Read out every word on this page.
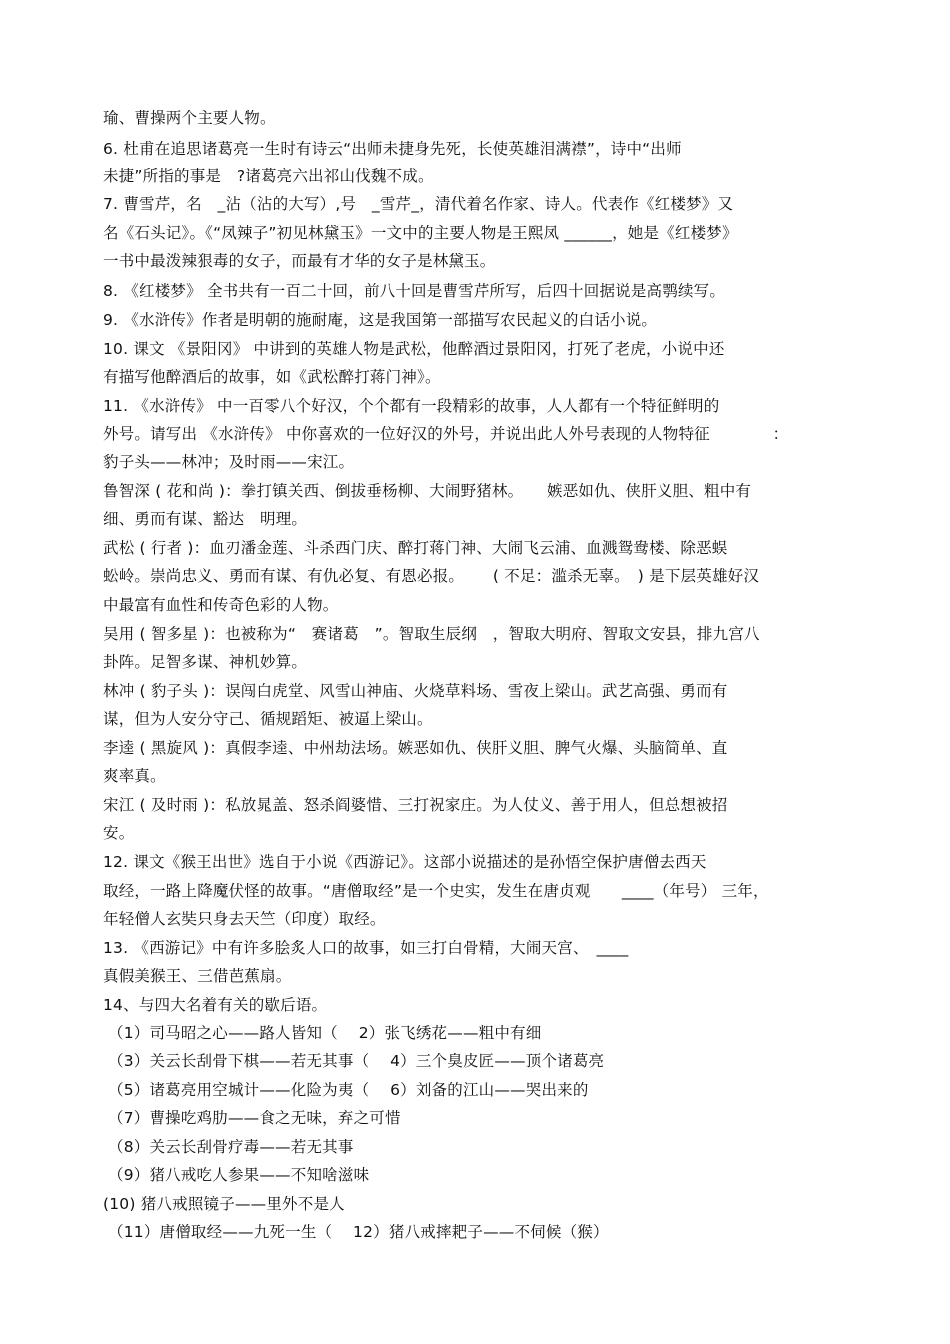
瑜、曹操两个主要人物。
6. 杜甫在追思诸葛亮一生时有诗云“出师未捷身先死，长使英雄泪满襟”，诗中“出师
未捷”所指的事是　?诸葛亮六出祁山伐魏不成。
7. 曹雪芹，名　_沾（沾的大写）,号　_雪芹_，清代着名作家、诗人。代表作《红楼梦》又
名《石头记》。《“凤辣子”初见林黛玉》一文中的主要人物是王熙凤 ______，她是《红楼梦》
一书中最泼辣狠毒的女子，而最有才华的女子是林黛玉。
8. 《红楼梦》 全书共有一百二十回，前八十回是曹雪芹所写，后四十回据说是高鹗续写。
9. 《水浒传》作者是明朝的施耐庵，这是我国第一部描写农民起义的白话小说。
10. 课文 《景阳冈》 中讲到的英雄人物是武松，他醉酒过景阳冈，打死了老虎，小说中还
有描写他醉酒后的故事，如《武松醉打蒋门神》。
11. 《水浒传》 中一百零八个好汉，个个都有一段精彩的故事，人人都有一个特征鲜明的
外号。请写出 《水浒传》 中你喜欢的一位好汉的外号，并说出此人外号表现的人物特征　　　　：
豹子头——林冲；及时雨——宋江。
鲁智深 ( 花和尚 )：拳打镇关西、倒拔垂杨柳、大闹野猪林。　　嫉恶如仇、侠肝义胆、粗中有
细、勇而有谋、豁达　明理。
武松 ( 行者 )：血刃潘金莲、斗杀西门庆、醉打蒋门神、大闹飞云浦、血溅鸳鸯楼、除恶蜈
蚣岭。崇尚忠义、勇而有谋、有仇必复、有恩必报。　　 ( 不足：滥杀无辜。　) 是下层英雄好汉
中最富有血性和传奇色彩的人物。
吴用 ( 智多星 )：也被称为“　赛诸葛　”。智取生辰纲　，智取大明府、智取文安县，排九宫八
卦阵。足智多谋、神机妙算。
林冲 ( 豹子头 )：误闯白虎堂、风雪山神庙、火烧草料场、雪夜上梁山。武艺高强、勇而有
谋，但为人安分守己、循规蹈矩、被逼上梁山。
李逵 ( 黑旋风 )：真假李逵、中州劫法场。嫉恶如仇、侠肝义胆、脾气火爆、头脑简单、直
爽率真。
宋江 ( 及时雨 )：私放晁盖、怒杀阎婆惜、三打祝家庄。为人仗义、善于用人，但总想被招
安。
12. 课文《猴王出世》选自于小说《西游记》。这部小说描述的是孙悟空保护唐僧去西天
取经，一路上降魔伏怪的故事。“唐僧取经”是一个史实，发生在唐贞观　　____（年号） 三年，
年轻僧人玄奘只身去天竺（印度）取经。
13. 《西游记》中有许多脍炙人口的故事，如三打白骨精，大闹天宫、　____
真假美猴王、三借芭蕉扇。
14、与四大名着有关的歇后语。
（1）司马昭之心——路人皆知（　 2）张飞绣花——粗中有细
（3）关云长刮骨下棋——若无其事（　 4）三个臭皮匠——顶个诸葛亮
（5）诸葛亮用空城计——化险为夷（　 6）刘备的江山——哭出来的
（7）曹操吃鸡肋——食之无味，弃之可惜
（8）关云长刮骨疗毒——若无其事
（9）猪八戒吃人参果——不知啥滋味
(10) 猪八戒照镜子——里外不是人
（11）唐僧取经——九死一生（　 12）猪八戒摔耙子——不伺候（猴）
